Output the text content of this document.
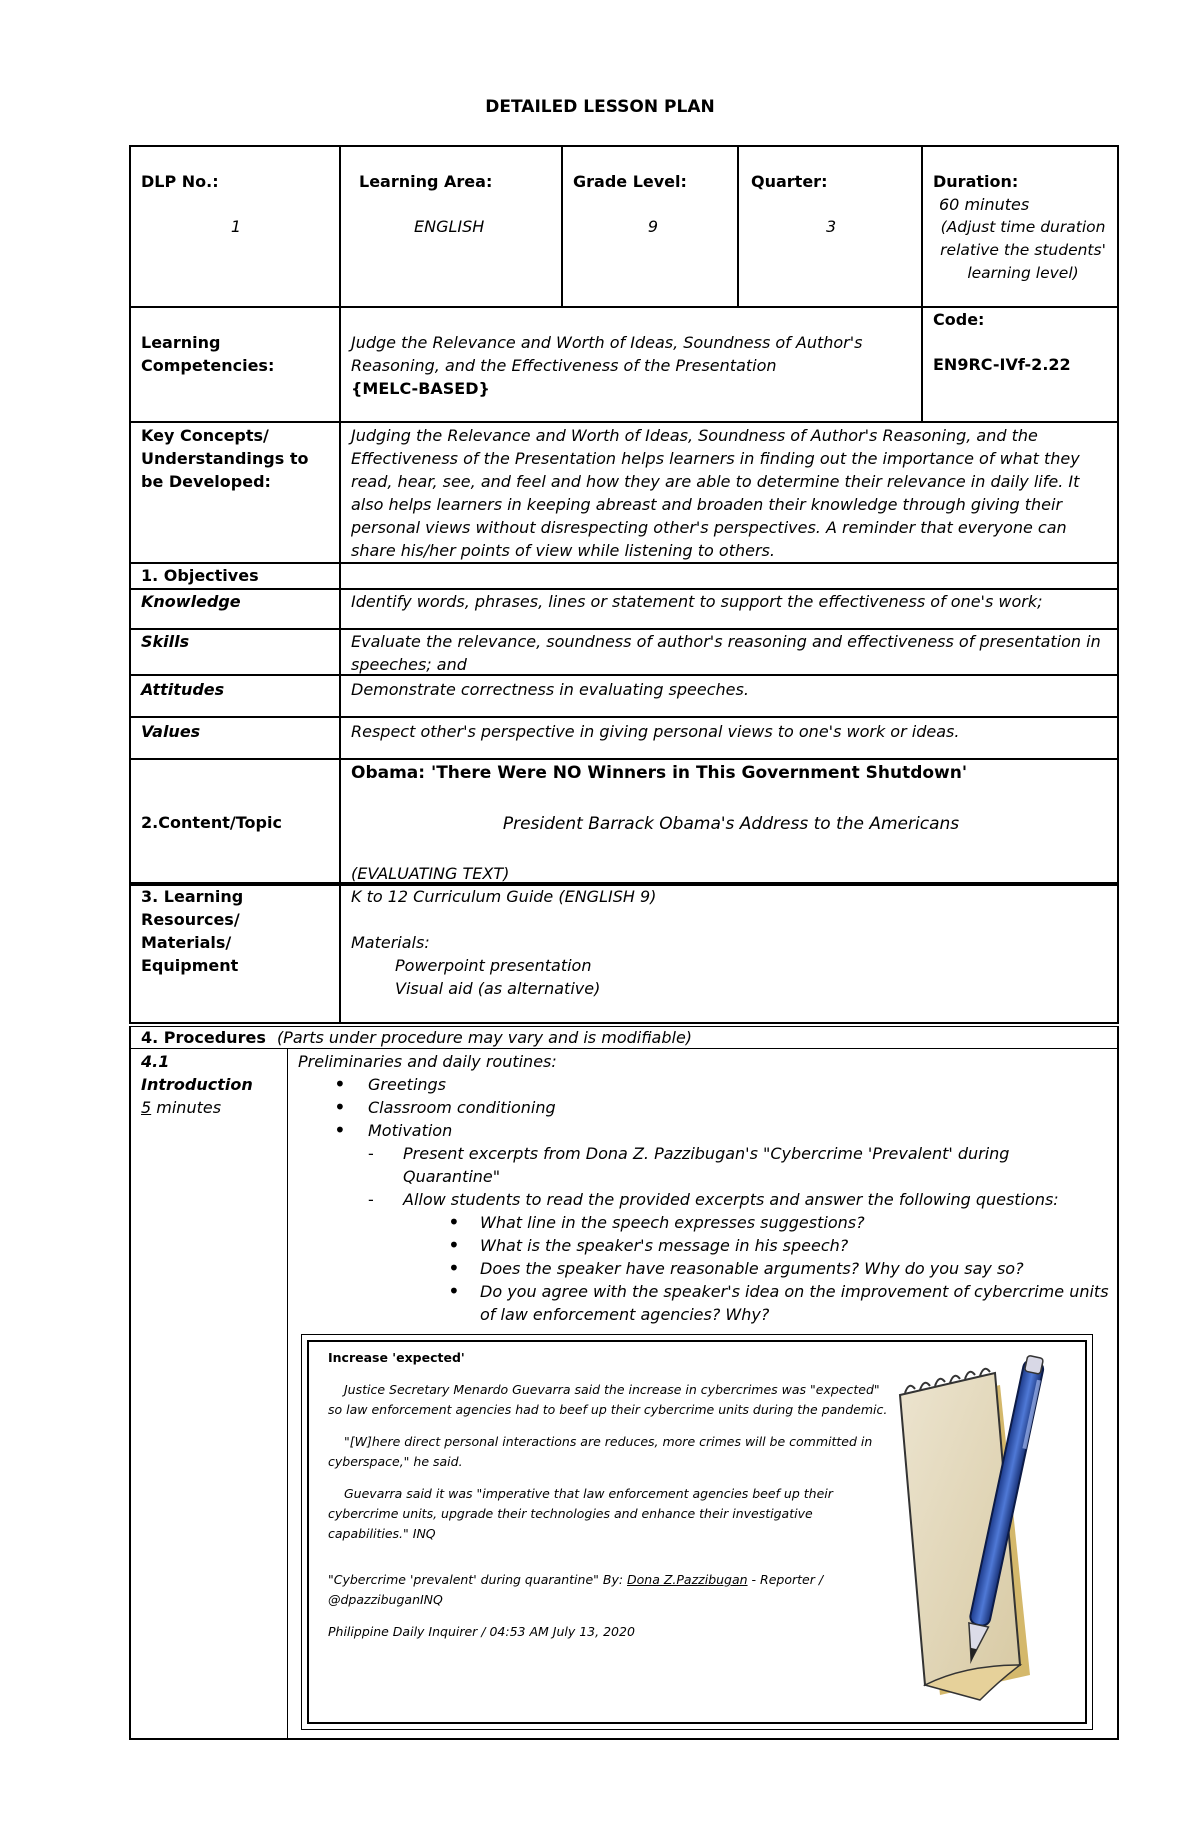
DETAILED LESSON PLAN
DLP No.:
1
Learning Area:
ENGLISH
Grade Level:
9
Quarter:
3
Duration:
60 minutes
(Adjust time duration relative the students' learning level)
Learning Competencies:
Judge the Relevance and Worth of Ideas, Soundness of Author's Reasoning, and the Effectiveness of the Presentation
{MELC-BASED}
Code:
EN9RC-IVf-2.22
Key Concepts/ Understandings to be Developed:
Judging the Relevance and Worth of Ideas, Soundness of Author's Reasoning, and the Effectiveness of the Presentation helps learners in finding out the importance of what they read, hear, see, and feel and how they are able to determine their relevance in daily life. It also helps learners in keeping abreast and broaden their knowledge through giving their personal views without disrespecting other's perspectives. A reminder that everyone can share his/her points of view while listening to others.
1. Objectives
Knowledge	Identify words, phrases, lines or statement to support the effectiveness of one's work;
Skills	Evaluate the relevance, soundness of author's reasoning and effectiveness of presentation in speeches; and
Attitudes	Demonstrate correctness in evaluating speeches.
Values	Respect other's perspective in giving personal views to one's work or ideas.
2.Content/Topic
Obama: 'There Were NO Winners in This Government Shutdown'
President Barrack Obama's Address to the Americans
(EVALUATING TEXT)
3. Learning Resources/ Materials/ Equipment
K to 12 Curriculum Guide (ENGLISH 9)
Materials:
Powerpoint presentation
Visual aid (as alternative)
4. Procedures (Parts under procedure may vary and is modifiable)
4.1
Introduction
5 minutes
Preliminaries and daily routines:
• Greetings
• Classroom conditioning
• Motivation
- Present excerpts from Dona Z. Pazzibugan's "Cybercrime 'Prevalent' during Quarantine"
- Allow students to read the provided excerpts and answer the following questions:
• What line in the speech expresses suggestions?
• What is the speaker's message in his speech?
• Does the speaker have reasonable arguments? Why do you say so?
• Do you agree with the speaker's idea on the improvement of cybercrime units of law enforcement agencies? Why?
Increase 'expected'

Justice Secretary Menardo Guevarra said the increase in cybercrimes was "expected" so law enforcement agencies had to beef up their cybercrime units during the pandemic.

"[W]here direct personal interactions are reduces, more crimes will be committed in cyberspace," he said.

Guevarra said it was "imperative that law enforcement agencies beef up their cybercrime units, upgrade their technologies and enhance their investigative capabilities." INQ

"Cybercrime 'prevalent' during quarantine" By: Dona Z.Pazzibugan - Reporter / @dpazzibuganINQ

Philippine Daily Inquirer / 04:53 AM July 13, 2020
